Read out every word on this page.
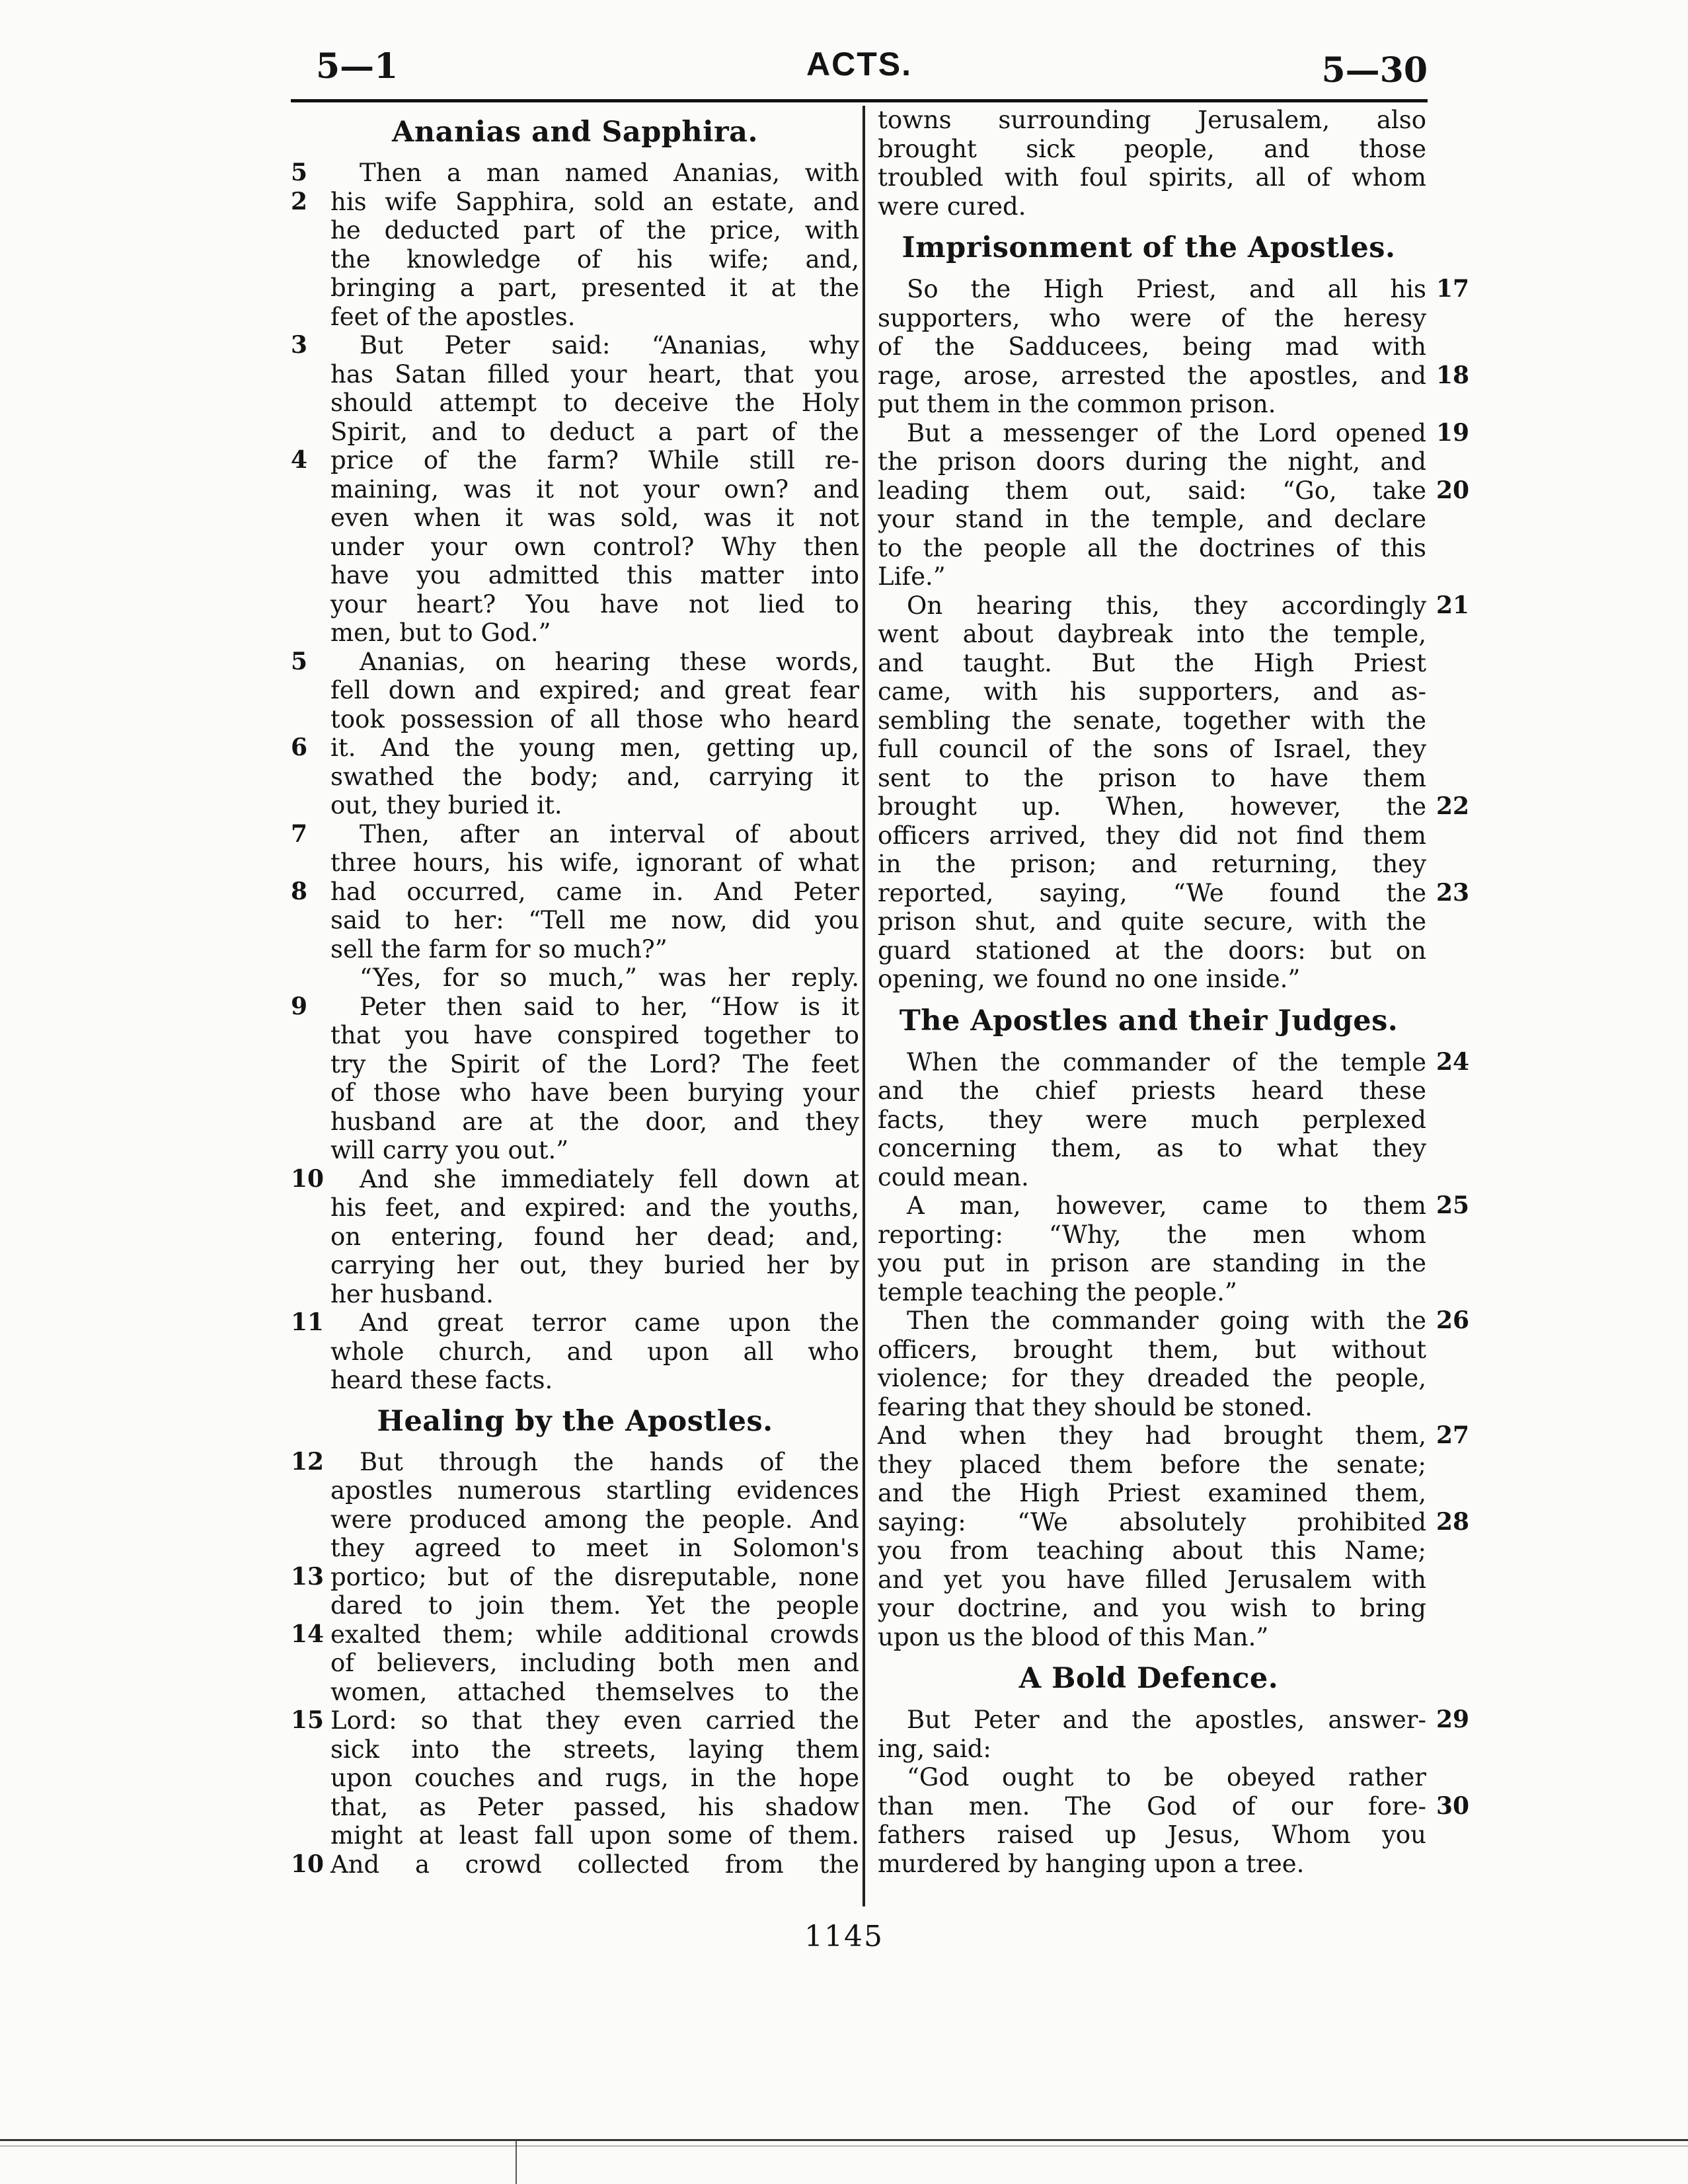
5—1	ACTS.	5—30
Ananias and Sapphira.
5	Then a man named Ananias, with
2 his wife Sapphira, sold an estate, and
he deducted part of the price, with
the knowledge of his wife; and,
bringing a part, presented it at the
feet of the apostles.
3	But Peter said: “Ananias, why
has Satan filled your heart, that you
should attempt to deceive the Holy
Spirit, and to deduct a part of the
4 price of the farm? While still re-
maining, was it not your own? and
even when it was sold, was it not
under your own control? Why then
have you admitted this matter into
your heart? You have not lied to
men, but to God.”
5	Ananias, on hearing these words,
fell down and expired; and great fear
took possession of all those who heard
6 it. And the young men, getting up,
swathed the body; and, carrying it
out, they buried it.
7	Then, after an interval of about
three hours, his wife, ignorant of what
8 had occurred, came in. And Peter
said to her: “Tell me now, did you
sell the farm for so much?”
“Yes, for so much,” was her reply.
9	Peter then said to her, “How is it
that you have conspired together to
try the Spirit of the Lord? The feet
of those who have been burying your
husband are at the door, and they
will carry you out.”
10 And she immediately fell down at
his feet, and expired: and the youths,
on entering, found her dead; and,
carrying her out, they buried her by
her husband.
11 And great terror came upon the
whole church, and upon all who
heard these facts.
Healing by the Apostles.
12 But through the hands of the
apostles numerous startling evidences
were produced among the people. And
they agreed to meet in Solomon's
13 portico; but of the disreputable, none
dared to join them. Yet the people
14 exalted them; while additional crowds
of believers, including both men and
women, attached themselves to the
15 Lord: so that they even carried the
sick into the streets, laying them
upon couches and rugs, in the hope
that, as Peter passed, his shadow
might at least fall upon some of them.
10 And a crowd collected from the
towns surrounding Jerusalem, also
brought sick people, and those
troubled with foul spirits, all of whom
were cured.
Imprisonment of the Apostles.
17
So the High Priest, and all his
supporters, who were of the heresy
of the Sadducees, being mad with
18
rage, arose, arrested the apostles, and
put them in the common prison.
19
But a messenger of the Lord opened
the prison doors during the night, and
20
leading them out, said: “Go, take
your stand in the temple, and declare
to the people all the doctrines of this
Life.”
21
On hearing this, they accordingly
went about daybreak into the temple,
and taught. But the High Priest
came, with his supporters, and as-
sembling the senate, together with the
full council of the sons of Israel, they
sent to the prison to have them
22
brought up. When, however, the
officers arrived, they did not find them
in the prison; and returning, they
23
reported, saying, “We found the
prison shut, and quite secure, with the
guard stationed at the doors: but on
opening, we found no one inside.”
The Apostles and their Judges.
24
When the commander of the temple
and the chief priests heard these
facts, they were much perplexed
concerning them, as to what they
could mean.
25
A man, however, came to them
reporting: “Why, the men whom
you put in prison are standing in the
temple teaching the people.”
26
Then the commander going with the
officers, brought them, but without
violence; for they dreaded the people,
fearing that they should be stoned.
27
And when they had brought them,
they placed them before the senate;
and the High Priest examined them,
28
saying: “We absolutely prohibited
you from teaching about this Name;
and yet you have filled Jerusalem with
your doctrine, and you wish to bring
upon us the blood of this Man.”
A Bold Defence.
29
But Peter and the apostles, answer-
ing, said:
“God ought to be obeyed rather
30
than men. The God of our fore-
fathers raised up Jesus, Whom you
murdered by hanging upon a tree.
1145
